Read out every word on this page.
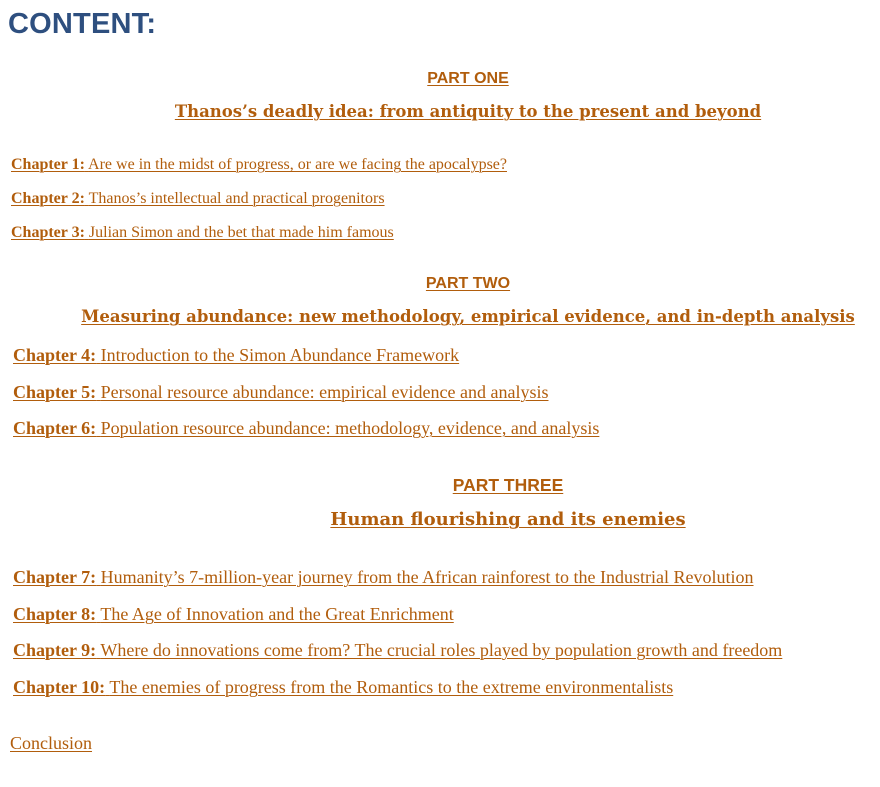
CONTENT:
PART ONE
Thanos’s deadly idea: from antiquity to the present and beyond
Chapter 1: Are we in the midst of progress, or are we facing the apocalypse?
Chapter 2: Thanos’s intellectual and practical progenitors
Chapter 3: Julian Simon and the bet that made him famous
PART TWO
Measuring abundance: new methodology, empirical evidence, and in-depth analysis
Chapter 4: Introduction to the Simon Abundance Framework
Chapter 5: Personal resource abundance: empirical evidence and analysis
Chapter 6: Population resource abundance: methodology, evidence, and analysis
PART THREE
Human flourishing and its enemies
Chapter 7: Humanity’s 7-million-year journey from the African rainforest to the Industrial Revolution
Chapter 8: The Age of Innovation and the Great Enrichment
Chapter 9: Where do innovations come from? The crucial roles played by population growth and freedom
Chapter 10: The enemies of progress from the Romantics to the extreme environmentalists
Conclusion
